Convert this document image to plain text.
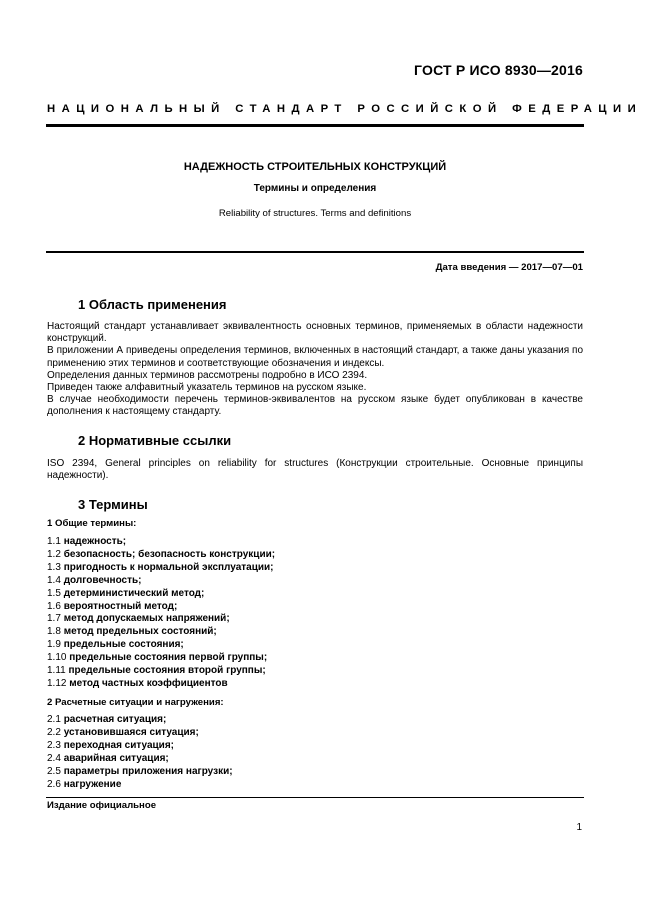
ГОСТ Р ИСО 8930—2016
НАЦИОНАЛЬНЫЙ СТАНДАРТ РОССИЙСКОЙ ФЕДЕРАЦИИ
НАДЕЖНОСТЬ СТРОИТЕЛЬНЫХ КОНСТРУКЦИЙ
Термины и определения
Reliability of structures. Terms and definitions
Дата введения — 2017—07—01
1 Область применения

Настоящий стандарт устанавливает эквивалентность основных терминов, применяемых в области надежности конструкций.

В приложении А приведены определения терминов, включенных в настоящий стандарт, а также даны указания по применению этих терминов и соответствующие обозначения и индексы.

Определения данных терминов рассмотрены подробно в ИСО 2394.

Приведен также алфавитный указатель терминов на русском языке.

В случае необходимости перечень терминов-эквивалентов на русском языке будет опубликован в качестве дополнения к настоящему стандарту.

2 Нормативные ссылки
ISO 2394, General principles on reliability for structures (Конструкции строительные. Основные принципы надежности).
3 Термины
1 Общие термины:
1.1 надежность;
1.2 безопасность; безопасность конструкции;
1.3 пригодность к нормальной эксплуатации;
1.4 долговечность;
1.5 детерминистический метод;
1.6 вероятностный метод;
1.7 метод допускаемых напряжений;
1.8 метод предельных состояний;
1.9 предельные состояния;
1.10 предельные состояния первой группы;
1.11 предельные состояния второй группы;
1.12 метод частных коэффициентов
2 Расчетные ситуации и нагружения:
2.1 расчетная ситуация;
2.2 установившаяся ситуация;
2.3 переходная ситуация;
2.4 аварийная ситуация;
2.5 параметры приложения нагрузки;
2.6 нагружение
Издание официальное
1
